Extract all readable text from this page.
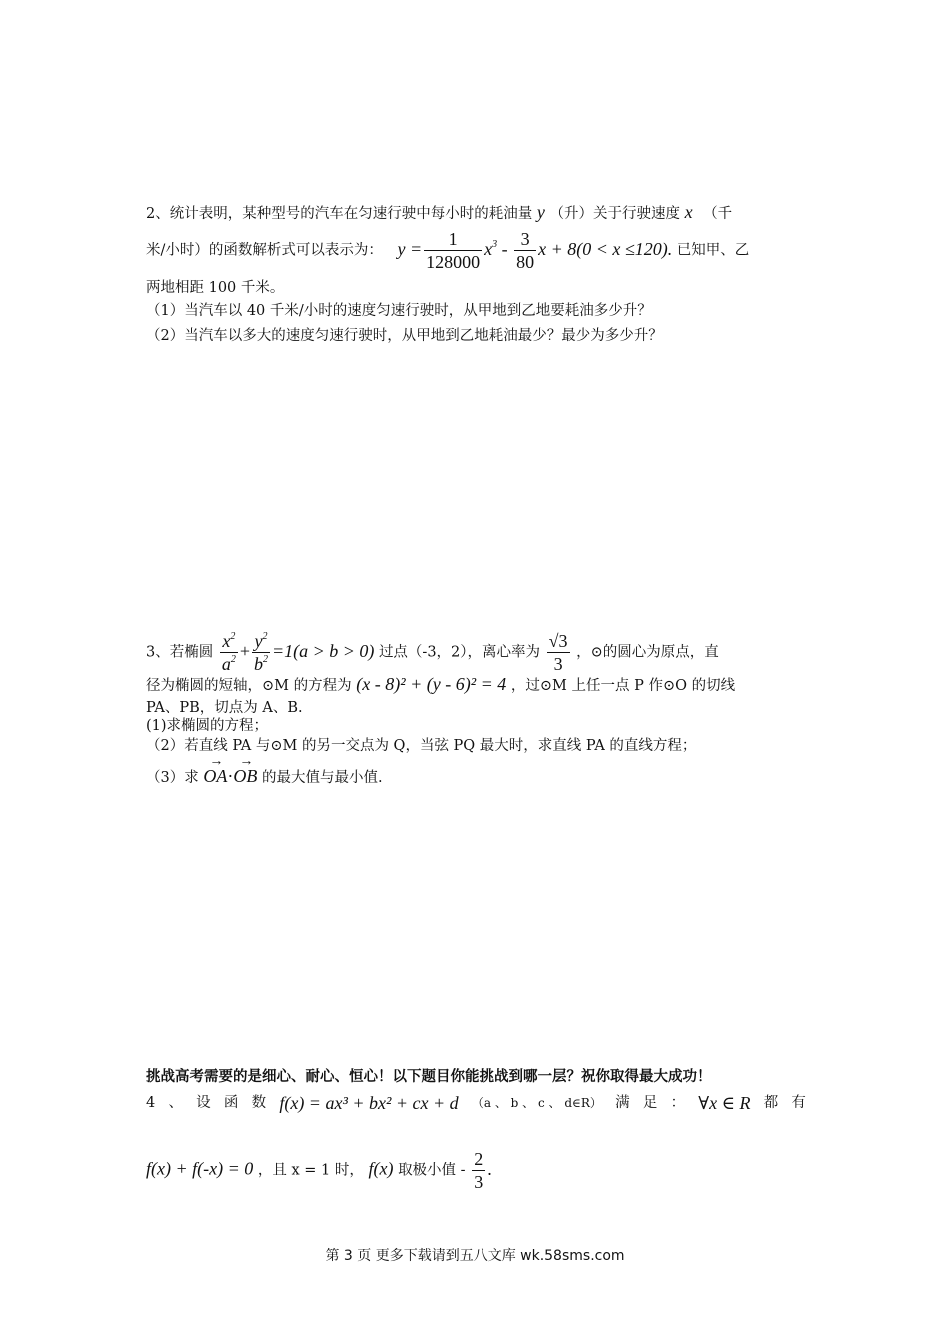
2、统计表明，某种型号的汽车在匀速行驶中每小时的耗油量 y （升）关于行驶速度 x （千
米/小时）的函数解析式可以表示为： $y = \frac{1}{128000} x^3 - \frac{3}{80}$ x + 8(0 < x ≤120). 已知甲、乙
两地相距 100 千米。
（1）当汽车以 40 千米/小时的速度匀速行驶时，从甲地到乙地要耗油多少升？
（2）当汽车以多大的速度匀速行驶时，从甲地到乙地耗油最少？最少为多少升？
3、若椭圆 $\frac{x^2}{a^2} + \frac{y^2}{b^2} =1(a > b > 0)$ 过点（-3，2），离心率为 $\frac{√3}{3}$ ，⊙的圆心为原点，直
径为椭圆的短轴，⊙M 的方程为 (x - 8)² + (y - 6)² = 4 ，过⊙M 上任一点 P 作⊙O 的切线
PA、PB，切点为 A、B.
(1)求椭圆的方程；
（2）若直线 PA 与⊙M 的另一交点为 Q，当弦 PQ 最大时，求直线 PA 的直线方程；
（3）求 → OA·→ OB 的最大值与最小值.
挑战高考需要的是细心、耐心、恒心！以下题目你能挑战到哪一层？祝你取得最大成功！
4 、 设 函 数 f(x) = ax³ + bx² + cx + d （a 、 b 、 c 、 d∈R） 满 足 ： ∀x ∈ R 都 有
f(x) + f(-x) = 0 ，且 x = 1 时， f(x) 取极小值 - $\frac{2}{3}$ .
第 3 页 更多下载请到五八文库 wk.58sms.com
